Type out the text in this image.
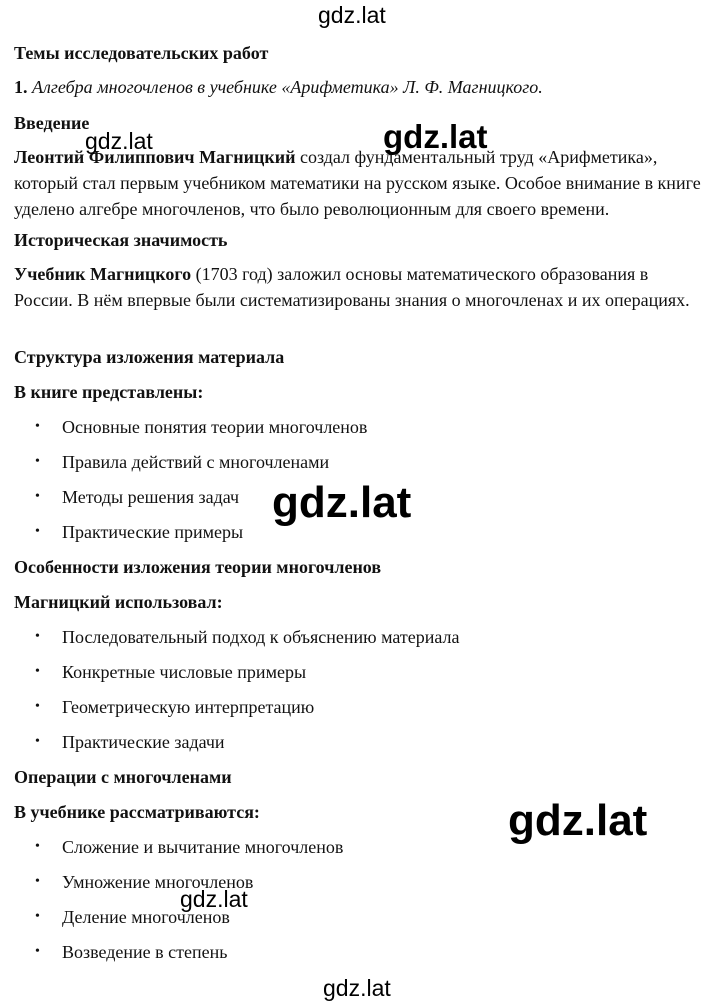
Темы исследовательских работ
1. Алгебра многочленов в учебнике «Арифметика» Л. Ф. Магницкого.
Введение
Леонтий Филиппович Магницкий создал фундаментальный труд «Арифметика», который стал первым учебником математики на русском языке. Особое внимание в книге уделено алгебре многочленов, что было революционным для своего времени.
Историческая значимость
Учебник Магницкого (1703 год) заложил основы математического образования в России. В нём впервые были систематизированы знания о многочленах и их операциях.
Структура изложения материала
В книге представлены:
• Основные понятия теории многочленов
• Правила действий с многочленами
• Методы решения задач
• Практические примеры
Особенности изложения теории многочленов
Магницкий использовал:
• Последовательный подход к объяснению материала
• Конкретные числовые примеры
• Геометрическую интерпретацию
• Практические задачи
Операции с многочленами
В учебнике рассматриваются:
• Сложение и вычитание многочленов
• Умножение многочленов
• Деление многочленов
• Возведение в степень
gdz.lat
gdz.lat	gdz.lat
gdz.lat
gdz.lat
gdz.lat
gdz.lat
